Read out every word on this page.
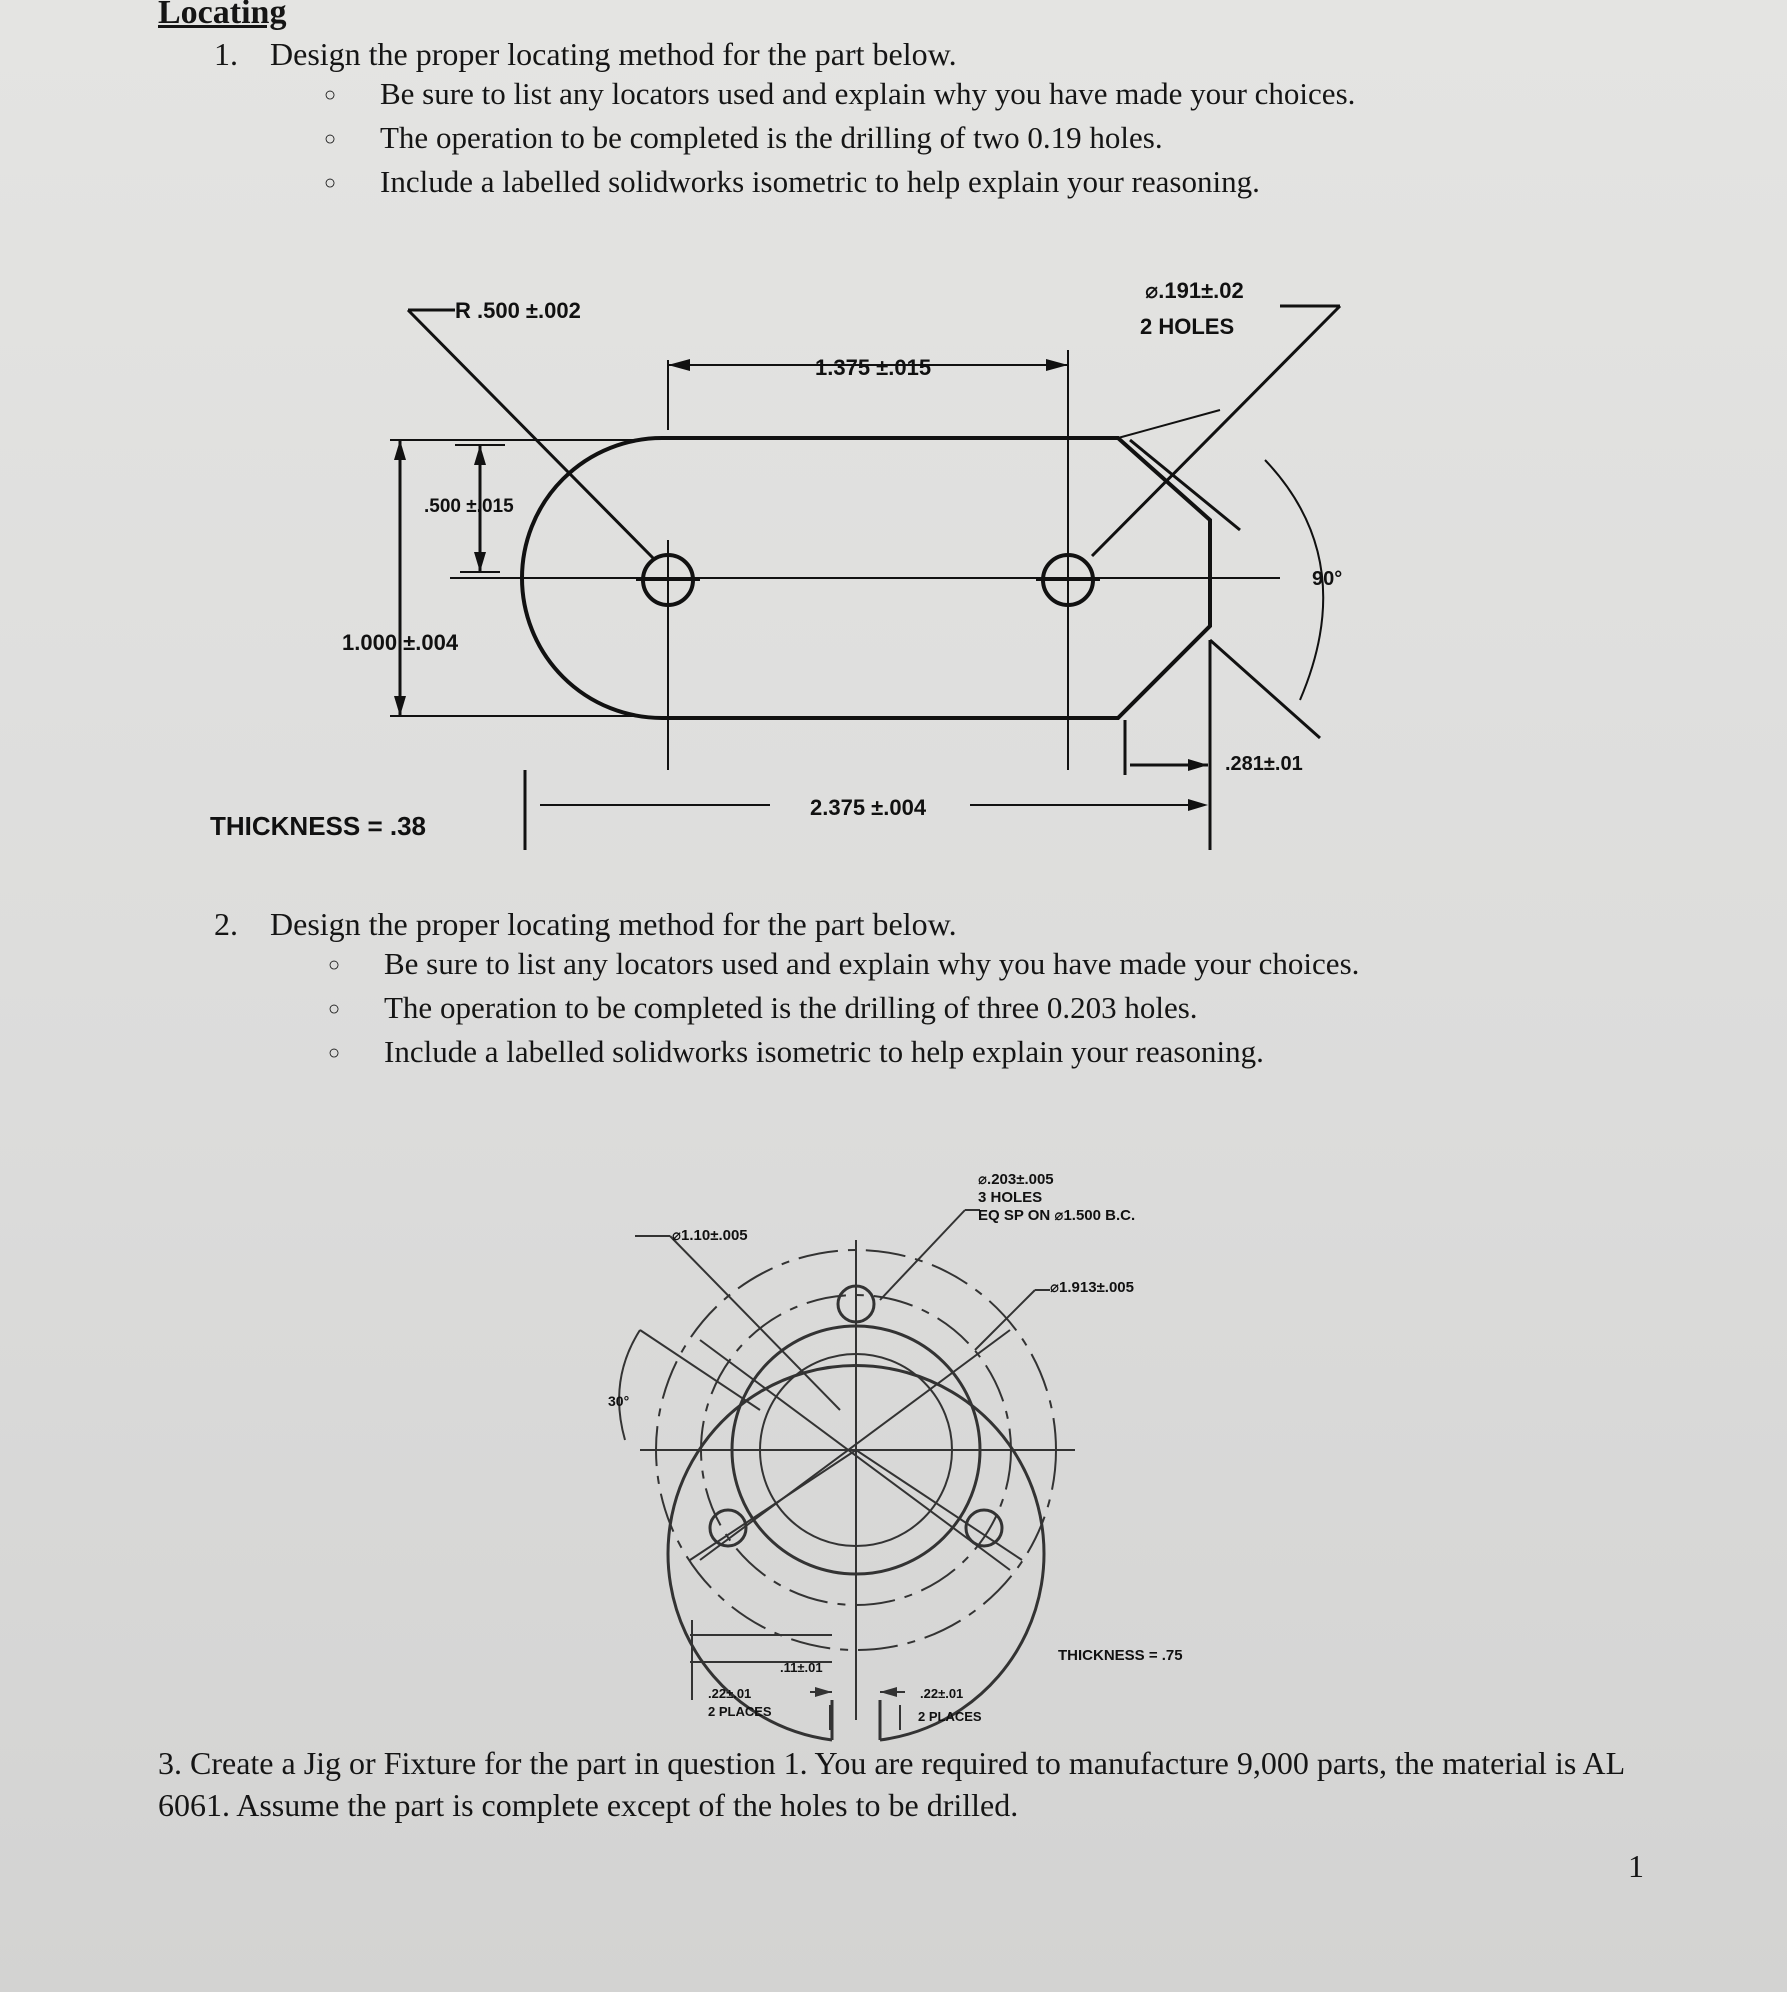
Locating
1. Design the proper locating method for the part below.
○ Be sure to list any locators used and explain why you have made your choices.
○ The operation to be completed is the drilling of two 0.19 holes.
○ Include a labelled solidworks isometric to help explain your reasoning.
R .500 ±.002
⌀.191±.02
2 HOLES
1.375 ±.015
.500 ±.015
1.000 ±.004
90°
.281±.01
2.375 ±.004
THICKNESS = .38
2. Design the proper locating method for the part below.
○ Be sure to list any locators used and explain why you have made your choices.
○ The operation to be completed is the drilling of three 0.203 holes.
○ Include a labelled solidworks isometric to help explain your reasoning.
⌀.203±.005
3 HOLES
EQ SP ON ⌀1.500 B.C.
⌀1.10±.005
⌀1.913±.005
30°
.11±.01
.22±.01
2 PLACES
.22±.01
2 PLACES
THICKNESS = .75
3. Create a Jig or Fixture for the part in question 1. You are required to manufacture 9,000 parts, the material is AL 6061. Assume the part is complete except of the holes to be drilled.
1
